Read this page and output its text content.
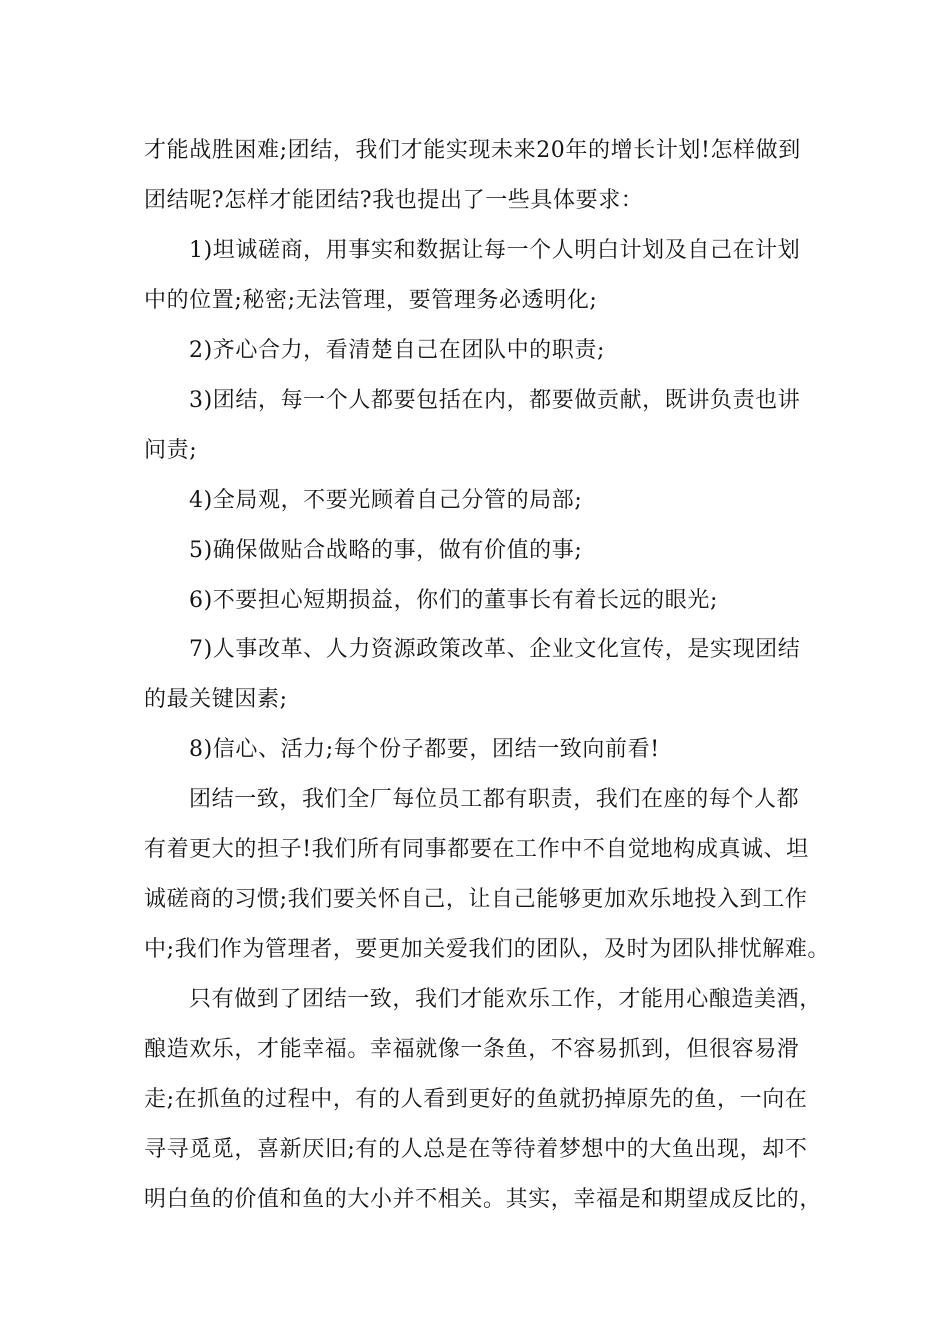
才能战胜困难;团结，我们才能实现未来20年的增长计划!怎样做到
团结呢?怎样才能团结?我也提出了一些具体要求：
1)坦诚磋商，用事实和数据让每一个人明白计划及自己在计划
中的位置;秘密;无法管理，要管理务必透明化;
2)齐心合力，看清楚自己在团队中的职责;
3)团结，每一个人都要包括在内，都要做贡献，既讲负责也讲
问责;
4)全局观，不要光顾着自己分管的局部;
5)确保做贴合战略的事，做有价值的事;
6)不要担心短期损益，你们的董事长有着长远的眼光;
7)人事改革、人力资源政策改革、企业文化宣传，是实现团结
的最关键因素;
8)信心、活力;每个份子都要，团结一致向前看!
团结一致，我们全厂每位员工都有职责，我们在座的每个人都
有着更大的担子!我们所有同事都要在工作中不自觉地构成真诚、坦
诚磋商的习惯;我们要关怀自己，让自己能够更加欢乐地投入到工作
中;我们作为管理者，要更加关爱我们的团队，及时为团队排忧解难。
只有做到了团结一致，我们才能欢乐工作，才能用心酿造美酒，
酿造欢乐，才能幸福。幸福就像一条鱼，不容易抓到，但很容易滑
走;在抓鱼的过程中，有的人看到更好的鱼就扔掉原先的鱼，一向在
寻寻觅觅，喜新厌旧;有的人总是在等待着梦想中的大鱼出现，却不
明白鱼的价值和鱼的大小并不相关。其实，幸福是和期望成反比的，
